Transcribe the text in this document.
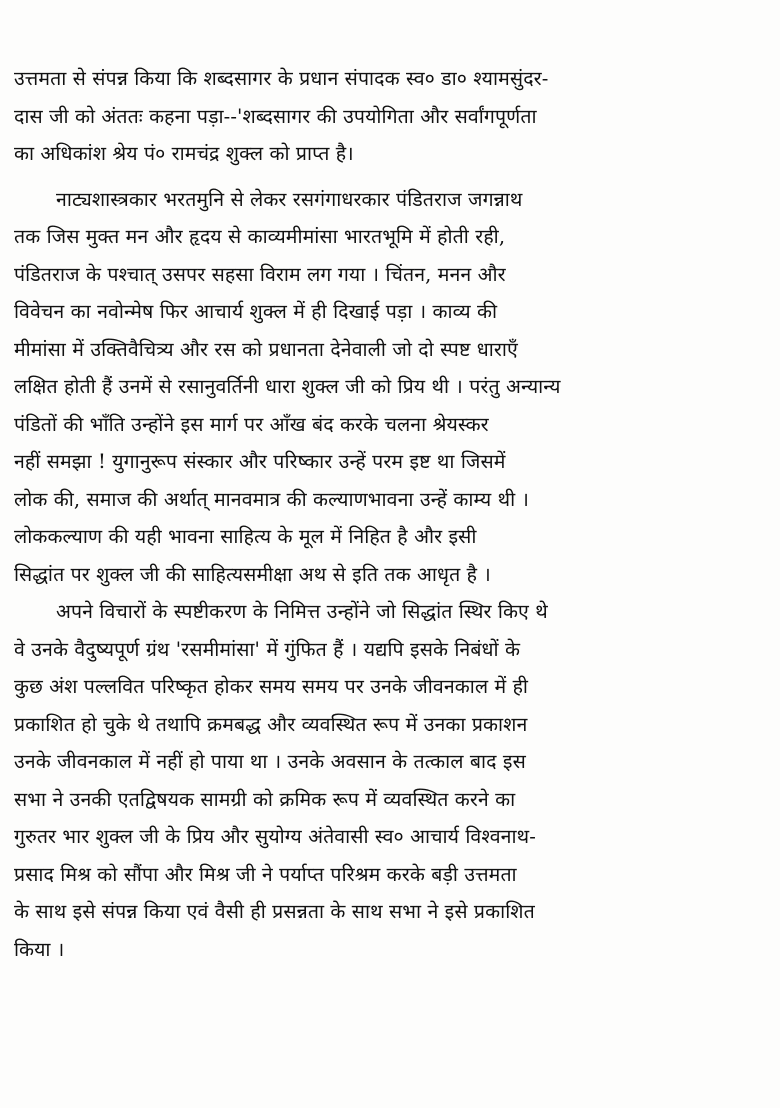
उत्तमता से संपन्न किया कि शब्दसागर के प्रधान संपादक स्व० डा० श्यामसुंदर-
दास जी को अंततः कहना पड़ा--'शब्दसागर की उपयोगिता और सर्वांगपूर्णता
का अधिकांश श्रेय पं० रामचंद्र शुक्ल को प्राप्त है।
नाट्यशास्त्रकार भरतमुनि से लेकर रसगंगाधरकार पंडितराज जगन्नाथ
तक जिस मुक्त मन और हृदय से काव्यमीमांसा भारतभूमि में होती रही,
पंडितराज के पश्चात् उसपर सहसा विराम लग गया । चिंतन, मनन और
विवेचन का नवोन्मेष फिर आचार्य शुक्ल में ही दिखाई पड़ा । काव्य की
मीमांसा में उक्तिवैचित्र्य और रस को प्रधानता देनेवाली जो दो स्पष्ट धाराएँ
लक्षित होती हैं उनमें से रसानुवर्तिनी धारा शुक्ल जी को प्रिय थी । परंतु अन्यान्य
पंडितों की भाँति उन्होंने इस मार्ग पर आँख बंद करके चलना श्रेयस्कर
नहीं समझा ! युगानुरूप संस्कार और परिष्कार उन्हें परम इष्ट था जिसमें
लोक की, समाज की अर्थात् मानवमात्र की कल्याणभावना उन्हें काम्य थी ।
लोककल्याण की यही भावना साहित्य के मूल में निहित है और इसी
सिद्धांत पर शुक्ल जी की साहित्यसमीक्षा अथ से इति तक आधृत है ।
अपने विचारों के स्पष्टीकरण के निमित्त उन्होंने जो सिद्धांत स्थिर किए थे
वे उनके वैदुष्यपूर्ण ग्रंथ 'रसमीमांसा' में गुंफित हैं । यद्यपि इसके निबंधों के
कुछ अंश पल्लवित परिष्कृत होकर समय समय पर उनके जीवनकाल में ही
प्रकाशित हो चुके थे तथापि क्रमबद्ध और व्यवस्थित रूप में उनका प्रकाशन
उनके जीवनकाल में नहीं हो पाया था । उनके अवसान के तत्काल बाद इस
सभा ने उनकी एतद्विषयक सामग्री को क्रमिक रूप में व्यवस्थित करने का
गुरुतर भार शुक्ल जी के प्रिय और सुयोग्य अंतेवासी स्व० आचार्य विश्वनाथ-
प्रसाद मिश्र को सौंपा और मिश्र जी ने पर्याप्त परिश्रम करके बड़ी उत्तमता
के साथ इसे संपन्न किया एवं वैसी ही प्रसन्नता के साथ सभा ने इसे प्रकाशित
किया ।
